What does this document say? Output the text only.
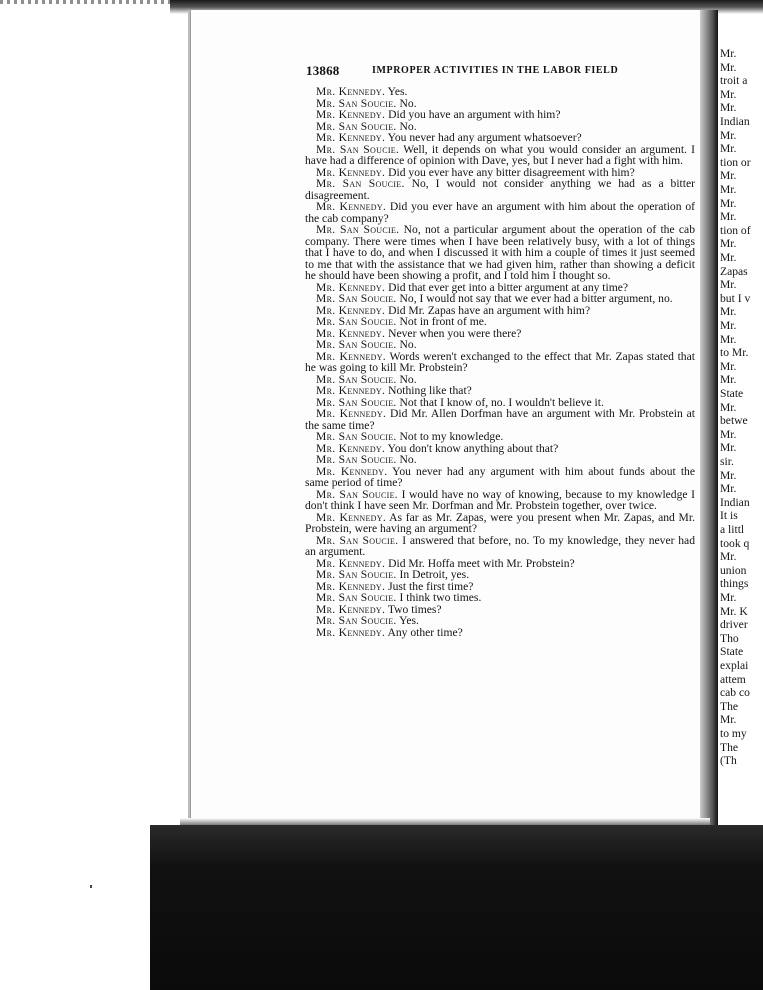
Mr.
Mr.
troit a
Mr.
Mr.
Indian
Mr.
Mr.
tion or
Mr.
Mr.
Mr.
Mr.
tion of
Mr.
Mr.
Zapas
Mr.
but I v
Mr.
Mr.
Mr.
to Mr.
Mr.
Mr.
State
Mr.
betwe
Mr.
Mr.
sir.
Mr.
Mr.
Indian
It is
a littl
took q
Mr.
union
things
Mr.
Mr. K
driver
Tho
State
explai
attem
cab co
The
Mr.
to my
The
(Th
13868	IMPROPER ACTIVITIES IN THE LABOR FIELD

Mr. Kennedy. Yes.

Mr. San Soucie. No.

Mr. Kennedy. Did you have an argument with him?

Mr. San Soucie. No.

Mr. Kennedy. You never had any argument whatsoever?

Mr. San Soucie. Well, it depends on what you would consider an argument. I have had a difference of opinion with Dave, yes, but I never had a fight with him.

Mr. Kennedy. Did you ever have any bitter disagreement with him?

Mr. San Soucie. No, I would not consider anything we had as a bitter disagreement.

Mr. Kennedy. Did you ever have an argument with him about the operation of the cab company?

Mr. San Soucie. No, not a particular argument about the operation of the cab company. There were times when I have been relatively busy, with a lot of things that I have to do, and when I discussed it with him a couple of times it just seemed to me that with the assistance that we had given him, rather than showing a deficit he should have been showing a profit, and I told him I thought so.

Mr. Kennedy. Did that ever get into a bitter argument at any time?

Mr. San Soucie. No, I would not say that we ever had a bitter argument, no.

Mr. Kennedy. Did Mr. Zapas have an argument with him?

Mr. San Soucie. Not in front of me.

Mr. Kennedy. Never when you were there?

Mr. San Soucie. No.

Mr. Kennedy. Words weren't exchanged to the effect that Mr. Zapas stated that he was going to kill Mr. Probstein?

Mr. San Soucie. No.

Mr. Kennedy. Nothing like that?

Mr. San Soucie. Not that I know of, no. I wouldn't believe it.

Mr. Kennedy. Did Mr. Allen Dorfman have an argument with Mr. Probstein at the same time?

Mr. San Soucie. Not to my knowledge.

Mr. Kennedy. You don't know anything about that?

Mr. San Soucie. No.

Mr. Kennedy. You never had any argument with him about funds about the same period of time?

Mr. San Soucie. I would have no way of knowing, because to my knowledge I don't think I have seen Mr. Dorfman and Mr. Probstein together, over twice.

Mr. Kennedy. As far as Mr. Zapas, were you present when Mr. Zapas, and Mr. Probstein, were having an argument?

Mr. San Soucie. I answered that before, no. To my knowledge, they never had an argument.

Mr. Kennedy. Did Mr. Hoffa meet with Mr. Probstein?

Mr. San Soucie. In Detroit, yes.

Mr. Kennedy. Just the first time?

Mr. San Soucie. I think two times.

Mr. Kennedy. Two times?

Mr. San Soucie. Yes.

Mr. Kennedy. Any other time?
